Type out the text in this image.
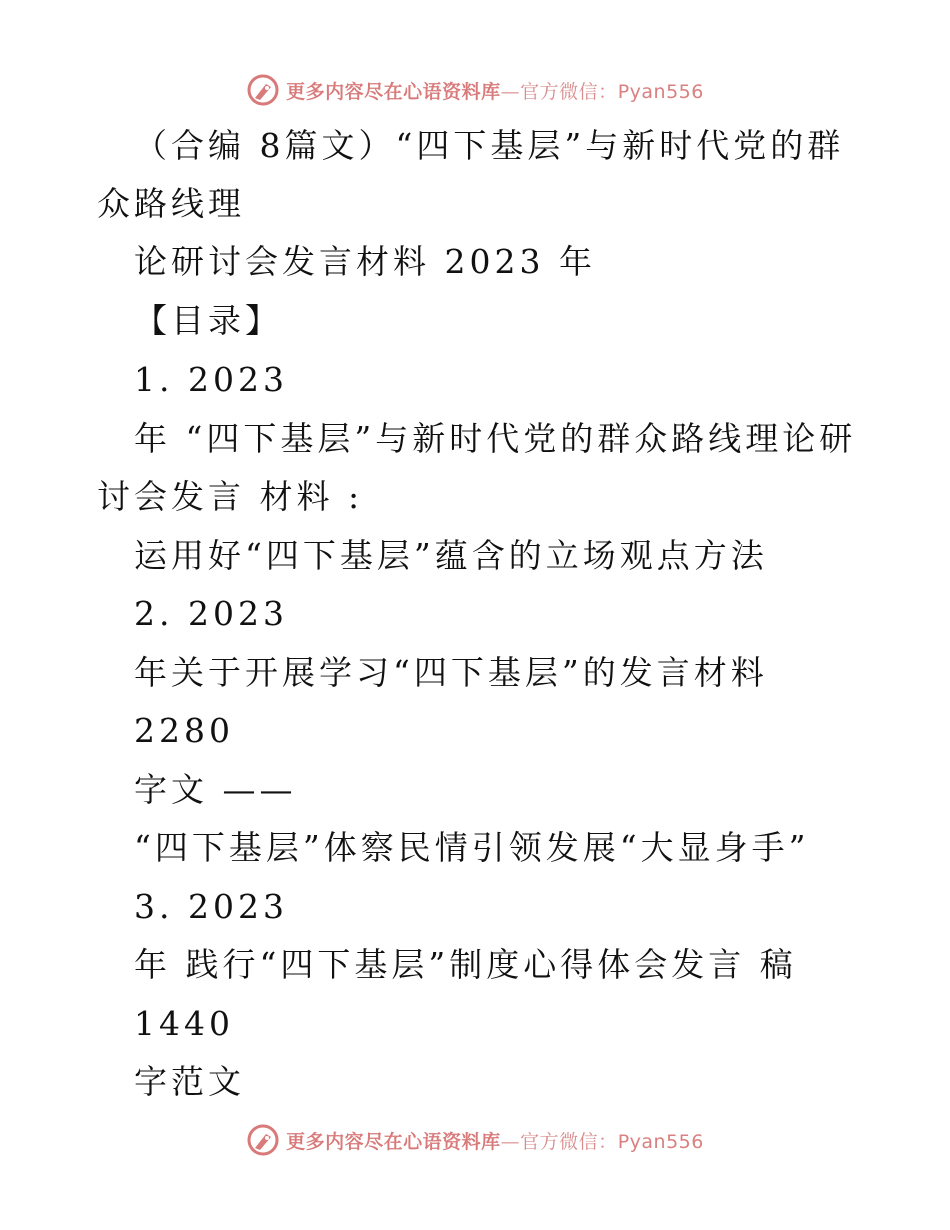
更多内容尽在心语资料库—官方微信：Pyan556
（合编 8篇文）“四下基层”与新时代党的群
众路线理
论研讨会发言材料 2023 年
【目录】
1. 2023
年 “四下基层”与新时代党的群众路线理论研
讨会发言 材料 :
运用好“四下基层”蕴含的立场观点方法
2. 2023
年关于开展学习“四下基层”的发言材料
2280
字文 ——
“四下基层”体察民情引领发展“大显身手”
3. 2023
年 践行“四下基层”制度心得体会发言 稿
1440
字范文
更多内容尽在心语资料库—官方微信：Pyan556
